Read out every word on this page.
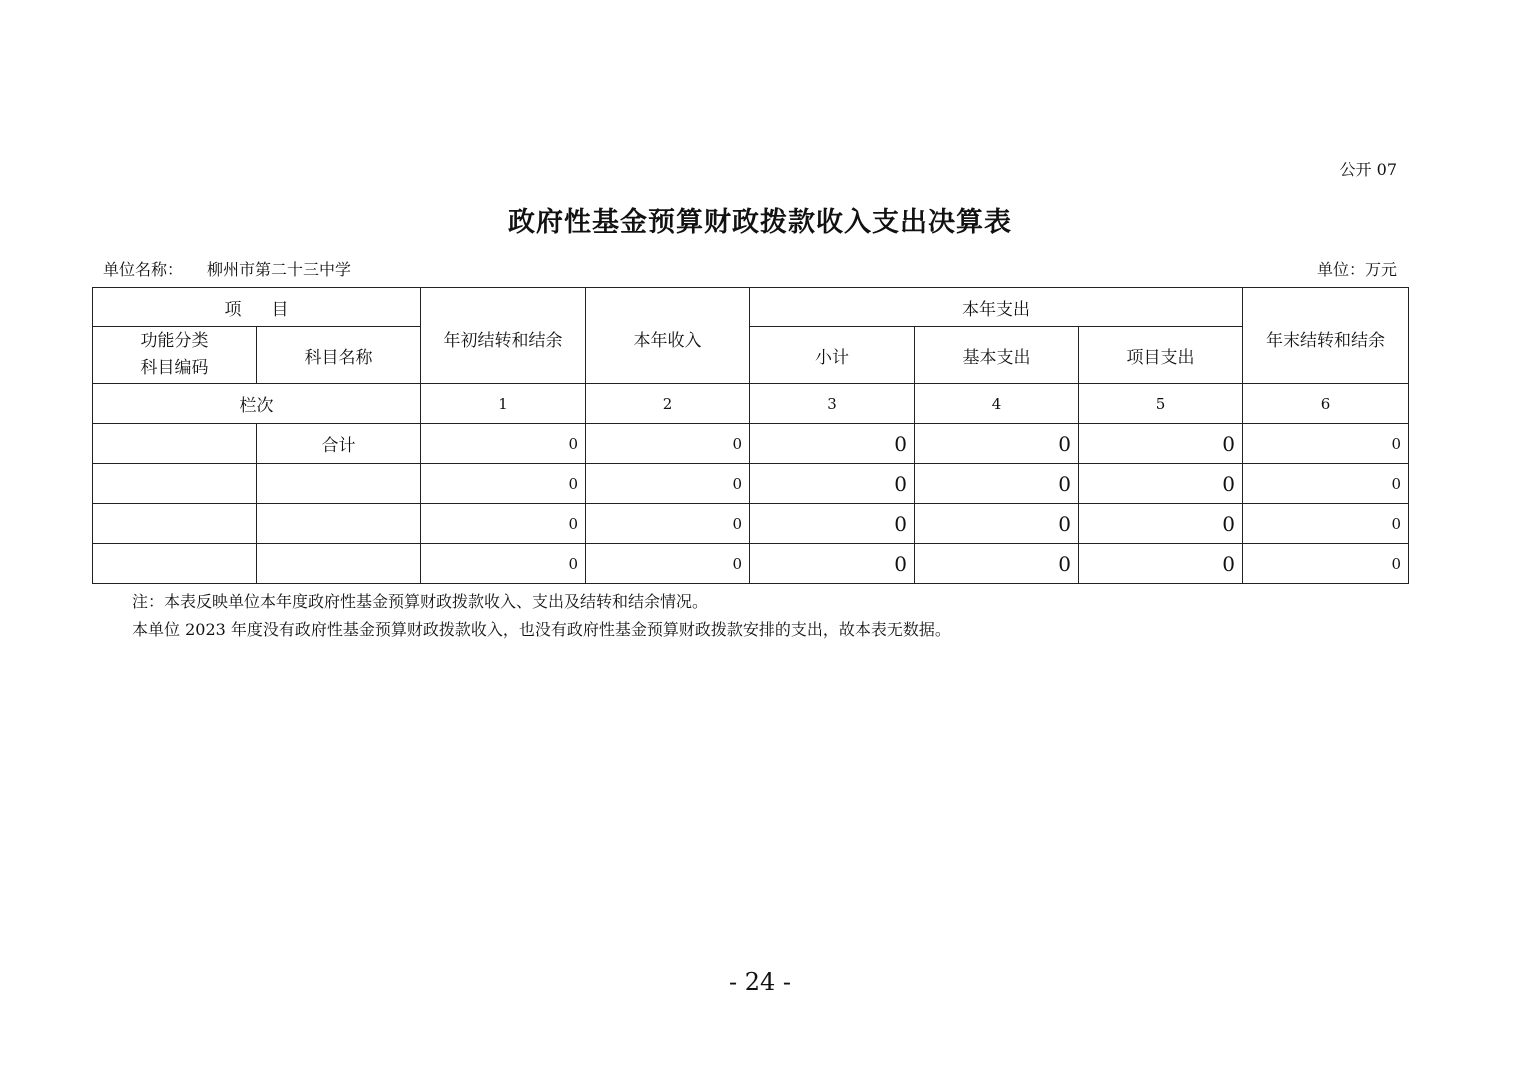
公开 07
政府性基金预算财政拨款收入支出决算表
单位名称： 柳州市第二十三中学	单位：万元
项 目		年初结转和结余	本年收入	本年支出			年末结转和结余
功能分类
科目编码	科目名称			小计	基本支出	项目支出	
栏次		1	2	3	4	5	6
	合计	0	0	0	0	0	0
		0	0	0	0	0	0
		0	0	0	0	0	0
		0	0	0	0	0	0
注：本表反映单位本年度政府性基金预算财政拨款收入、支出及结转和结余情况。
本单位 2023 年度没有政府性基金预算财政拨款收入，也没有政府性基金预算财政拨款安排的支出，故本表无数据。
- 24 -
